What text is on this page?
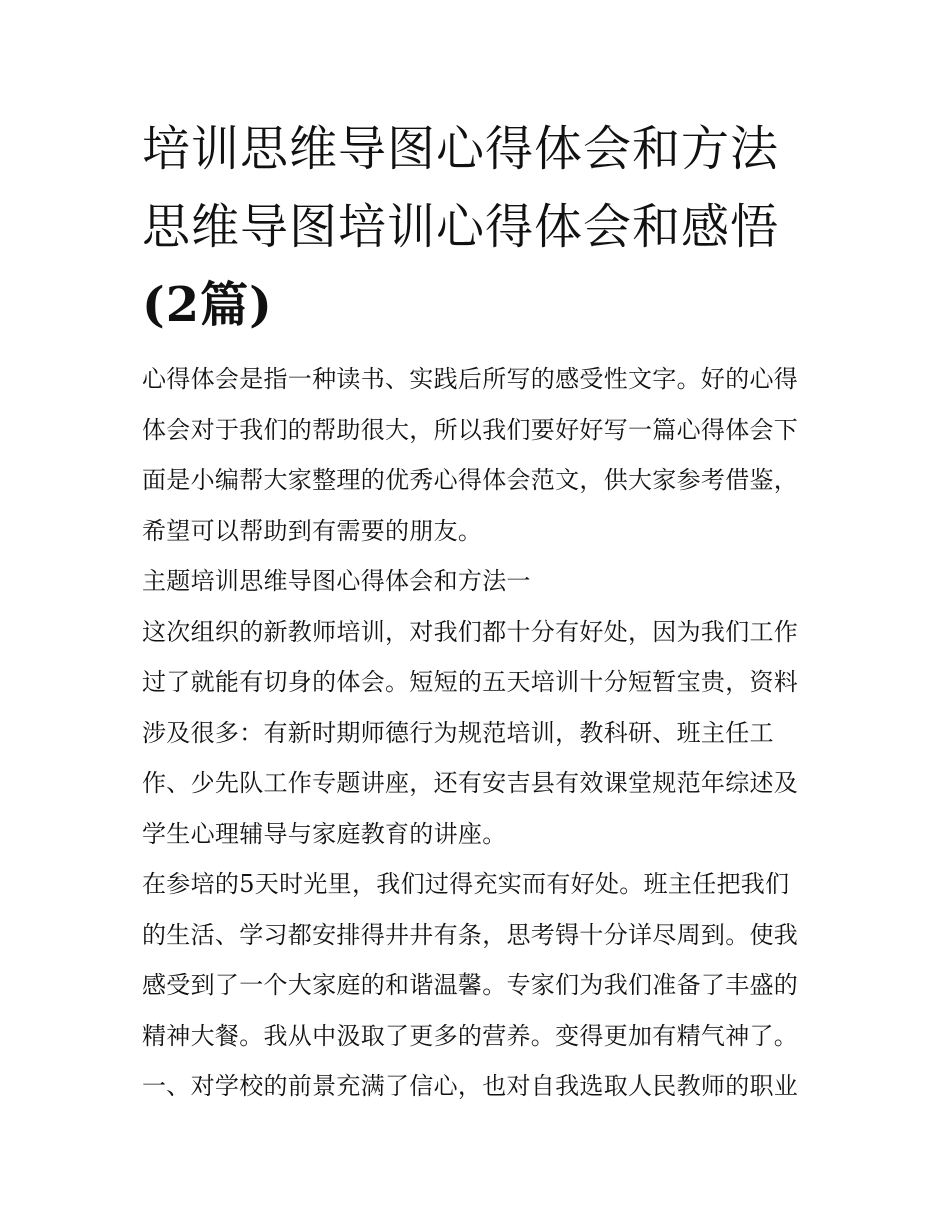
培训思维导图心得体会和方法
思维导图培训心得体会和感悟
(2篇)

心得体会是指一种读书、实践后所写的感受性文字。好的心得
体会对于我们的帮助很大，所以我们要好好写一篇心得体会下
面是小编帮大家整理的优秀心得体会范文，供大家参考借鉴，
希望可以帮助到有需要的朋友。

主题培训思维导图心得体会和方法一

这次组织的新教师培训，对我们都十分有好处，因为我们工作
过了就能有切身的体会。短短的五天培训十分短暂宝贵，资料
涉及很多：有新时期师德行为规范培训，教科研、班主任工
作、少先队工作专题讲座，还有安吉县有效课堂规范年综述及
学生心理辅导与家庭教育的讲座。

在参培的5天时光里，我们过得充实而有好处。班主任把我们
的生活、学习都安排得井井有条，思考锝十分详尽周到。使我
感受到了一个大家庭的和谐温馨。专家们为我们准备了丰盛的
精神大餐。我从中汲取了更多的营养。变得更加有精气神了。
一、对学校的前景充满了信心，也对自我选取人民教师的职业
